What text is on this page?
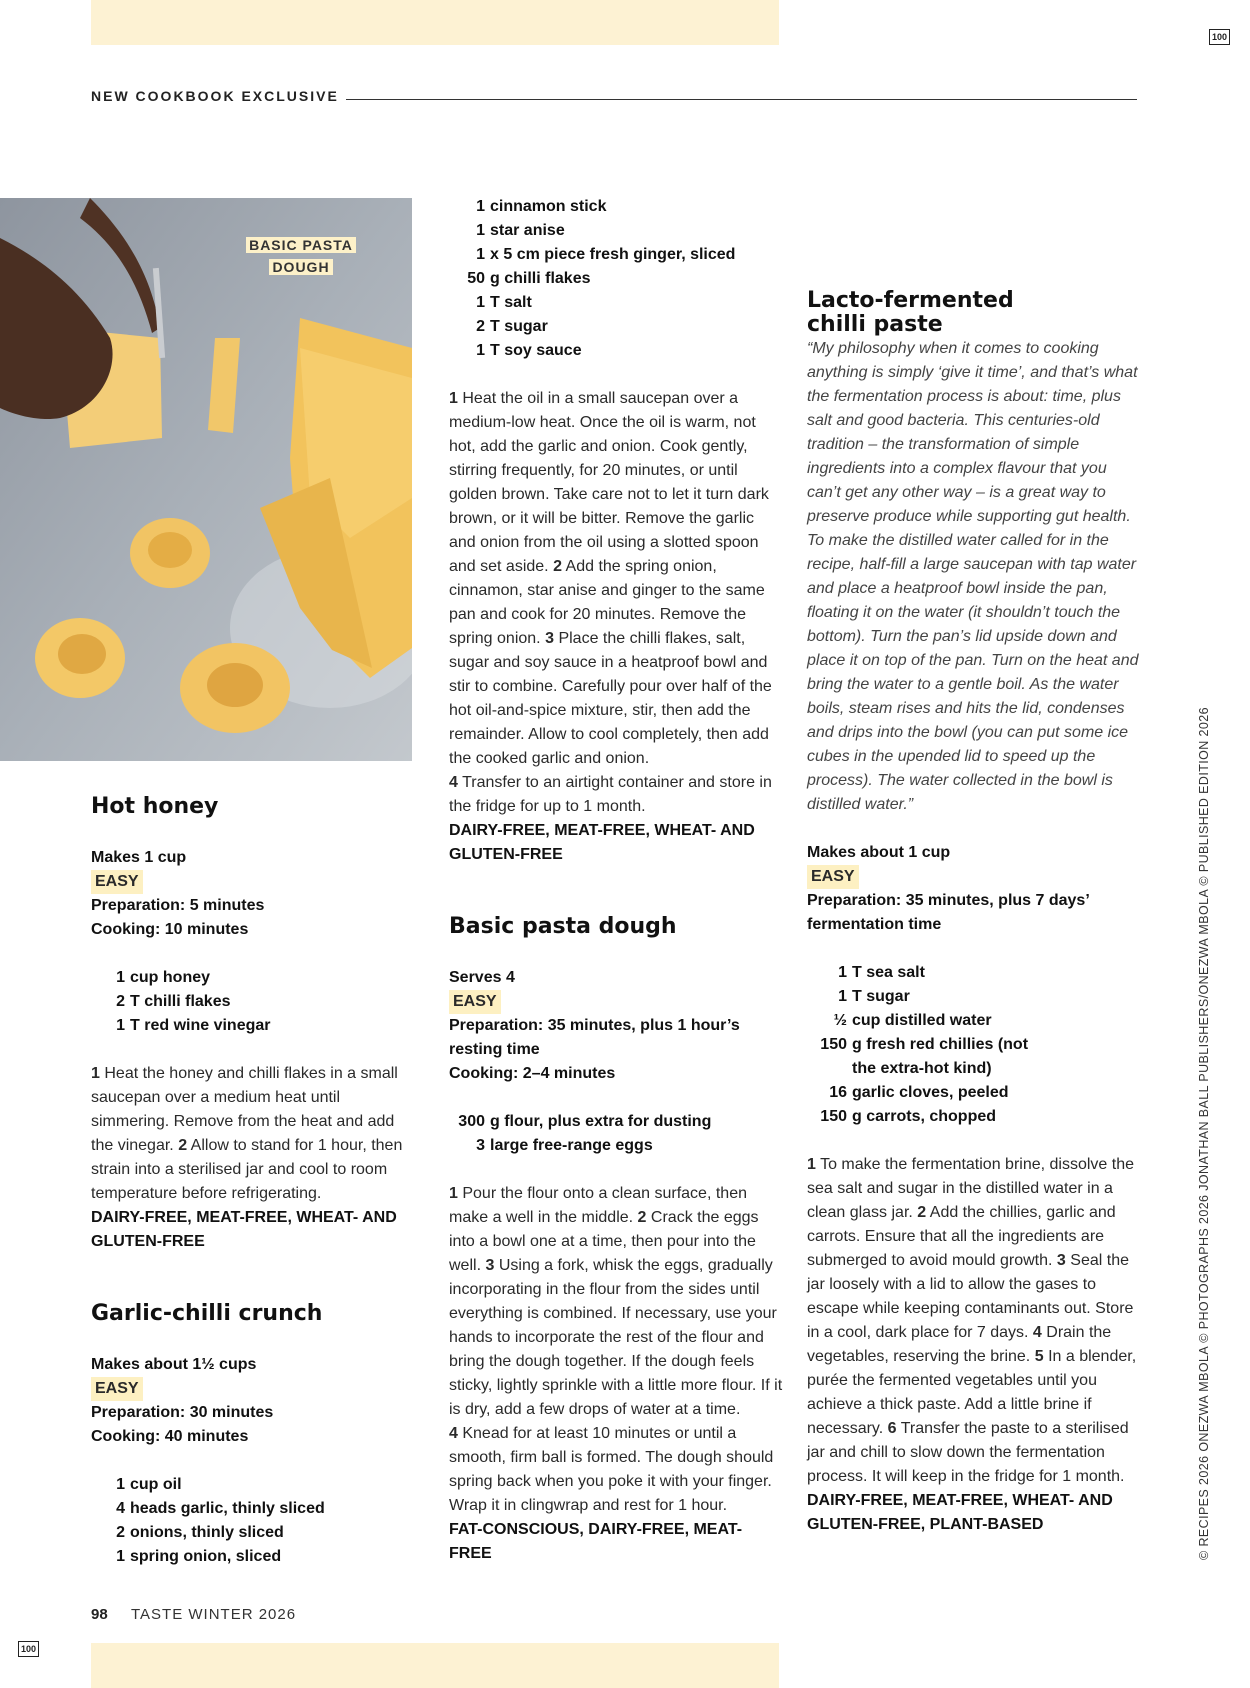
100
100
NEW COOKBOOK EXCLUSIVE
BASIC PASTA
DOUGH
Hot honey

Makes 1 cup

EASY

Preparation: 5 minutes

Cooking: 10 minutes

1 cup honey
2 T chilli flakes
1 T red wine vinegar

1 Heat the honey and chilli flakes in a small saucepan over a medium heat until simmering. Remove from the heat and add the vinegar. 2 Allow to stand for 1 hour, then strain into a sterilised jar and cool to room temperature before refrigerating.

DAIRY-FREE, MEAT-FREE, WHEAT- AND GLUTEN-FREE

Garlic-chilli crunch

Makes about 1½ cups

EASY

Preparation: 30 minutes

Cooking: 40 minutes

1 cup oil
4 heads garlic, thinly sliced
2 onions, thinly sliced
1 spring onion, sliced
1 cinnamon stick
1 star anise
1 x 5 cm piece fresh ginger, sliced
50 g chilli flakes
1 T salt
2 T sugar
1 T soy sauce

1 Heat the oil in a small saucepan over a medium-low heat. Once the oil is warm, not hot, add the garlic and onion. Cook gently, stirring frequently, for 20 minutes, or until golden brown. Take care not to let it turn dark brown, or it will be bitter. Remove the garlic and onion from the oil using a slotted spoon and set aside. 2 Add the spring onion, cinnamon, star anise and ginger to the same pan and cook for 20 minutes. Remove the spring onion. 3 Place the chilli flakes, salt, sugar and soy sauce in a heatproof bowl and stir to combine. Carefully pour over half of the hot oil-and-spice mixture, stir, then add the remainder. Allow to cool completely, then add the cooked garlic and onion.
4 Transfer to an airtight container and store in the fridge for up to 1 month.

DAIRY-FREE, MEAT-FREE, WHEAT- AND GLUTEN-FREE

Basic pasta dough

Serves 4

EASY

Preparation: 35 minutes, plus 1 hour’s resting time

Cooking: 2–4 minutes

300 g flour, plus extra for dusting
3 large free-range eggs

1 Pour the flour onto a clean surface, then make a well in the middle. 2 Crack the eggs into a bowl one at a time, then pour into the well. 3 Using a fork, whisk the eggs, gradually incorporating in the flour from the sides until everything is combined. If necessary, use your hands to incorporate the rest of the flour and bring the dough together. If the dough feels sticky, lightly sprinkle with a little more flour. If it is dry, add a few drops of water at a time.
4 Knead for at least 10 minutes or until a smooth, firm ball is formed. The dough should spring back when you poke it with your finger. Wrap it in clingwrap and rest for 1 hour.

FAT-CONSCIOUS, DAIRY-FREE, MEAT-FREE

Lacto-fermented
chilli paste

“My philosophy when it comes to cooking anything is simply ‘give it time’, and that’s what the fermentation process is about: time, plus salt and good bacteria. This centuries-old tradition – the transformation of simple ingredients into a complex flavour that you can’t get any other way – is a great way to preserve produce while supporting gut health. To make the distilled water called for in the recipe, half-fill a large saucepan with tap water and place a heatproof bowl inside the pan, floating it on the water (it shouldn’t touch the bottom). Turn the pan’s lid upside down and place it on top of the pan. Turn on the heat and bring the water to a gentle boil. As the water boils, steam rises and hits the lid, condenses and drips into the bowl (you can put some ice cubes in the upended lid to speed up the process). The water collected in the bowl is distilled water.”

Makes about 1 cup

EASY

Preparation: 35 minutes, plus 7 days’ fermentation time

1 T sea salt
1 T sugar
½ cup distilled water
150 g fresh red chillies (not the extra-hot kind)
16 garlic cloves, peeled
150 g carrots, chopped

1 To make the fermentation brine, dissolve the sea salt and sugar in the distilled water in a clean glass jar. 2 Add the chillies, garlic and carrots. Ensure that all the ingredients are submerged to avoid mould growth. 3 Seal the jar loosely with a lid to allow the gases to escape while keeping contaminants out. Store in a cool, dark place for 7 days. 4 Drain the vegetables, reserving the brine. 5 In a blender, purée the fermented vegetables until you achieve a thick paste. Add a little brine if necessary. 6 Transfer the paste to a sterilised jar and chill to slow down the fermentation process. It will keep in the fridge for 1 month.

DAIRY-FREE, MEAT-FREE, WHEAT- AND GLUTEN-FREE, PLANT-BASED

98 TASTE WINTER 2026
© RECIPES 2026 ONEZWA MBOLA © PHOTOGRAPHS 2026 JONATHAN BALL PUBLISHERS/ONEZWA MBOLA © PUBLISHED EDITION 2026
